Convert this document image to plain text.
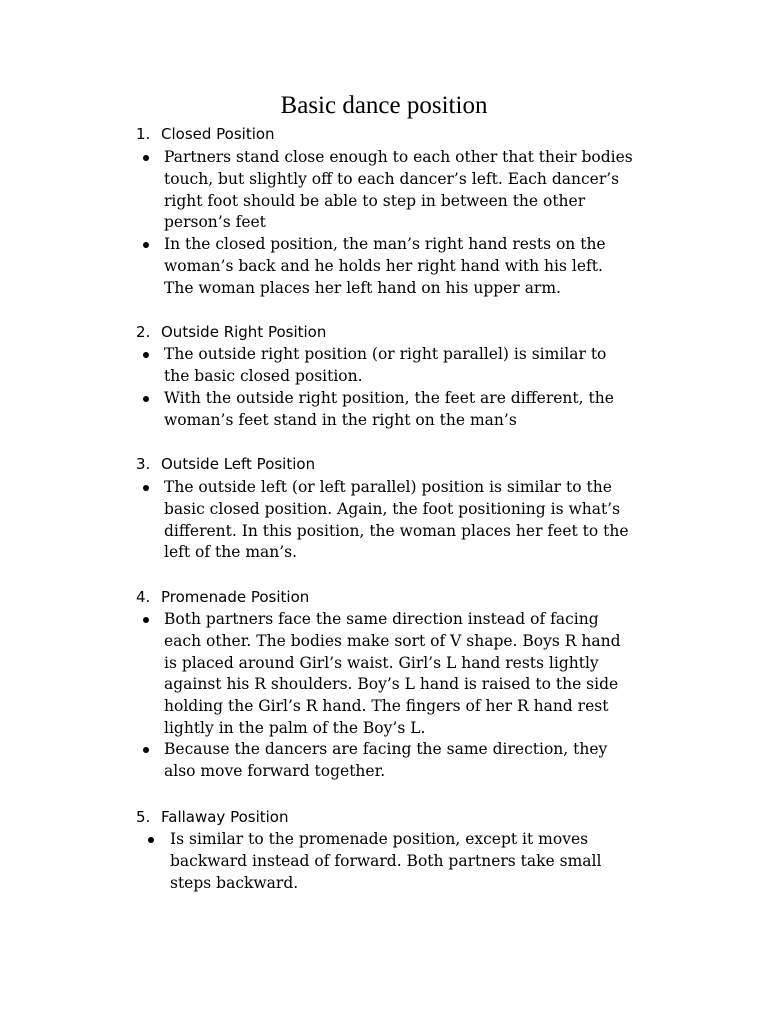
Basic dance position
1. Closed Position
Partners stand close enough to each other that their bodies
touch, but slightly off to each dancer’s left. Each dancer’s
right foot should be able to step in between the other
person’s feet
In the closed position, the man’s right hand rests on the
woman’s back and he holds her right hand with his left.
The woman places her left hand on his upper arm.
2. Outside Right Position
The outside right position (or right parallel) is similar to
the basic closed position.
With the outside right position, the feet are different, the
woman’s feet stand in the right on the man’s
3. Outside Left Position
The outside left (or left parallel) position is similar to the
basic closed position. Again, the foot positioning is what’s
different. In this position, the woman places her feet to the
left of the man’s.
4. Promenade Position
Both partners face the same direction instead of facing
each other. The bodies make sort of V shape. Boys R hand
is placed around Girl’s waist. Girl’s L hand rests lightly
against his R shoulders. Boy’s L hand is raised to the side
holding the Girl’s R hand. The fingers of her R hand rest
lightly in the palm of the Boy’s L.
Because the dancers are facing the same direction, they
also move forward together.
5. Fallaway Position
Is similar to the promenade position, except it moves
backward instead of forward. Both partners take small
steps backward.
